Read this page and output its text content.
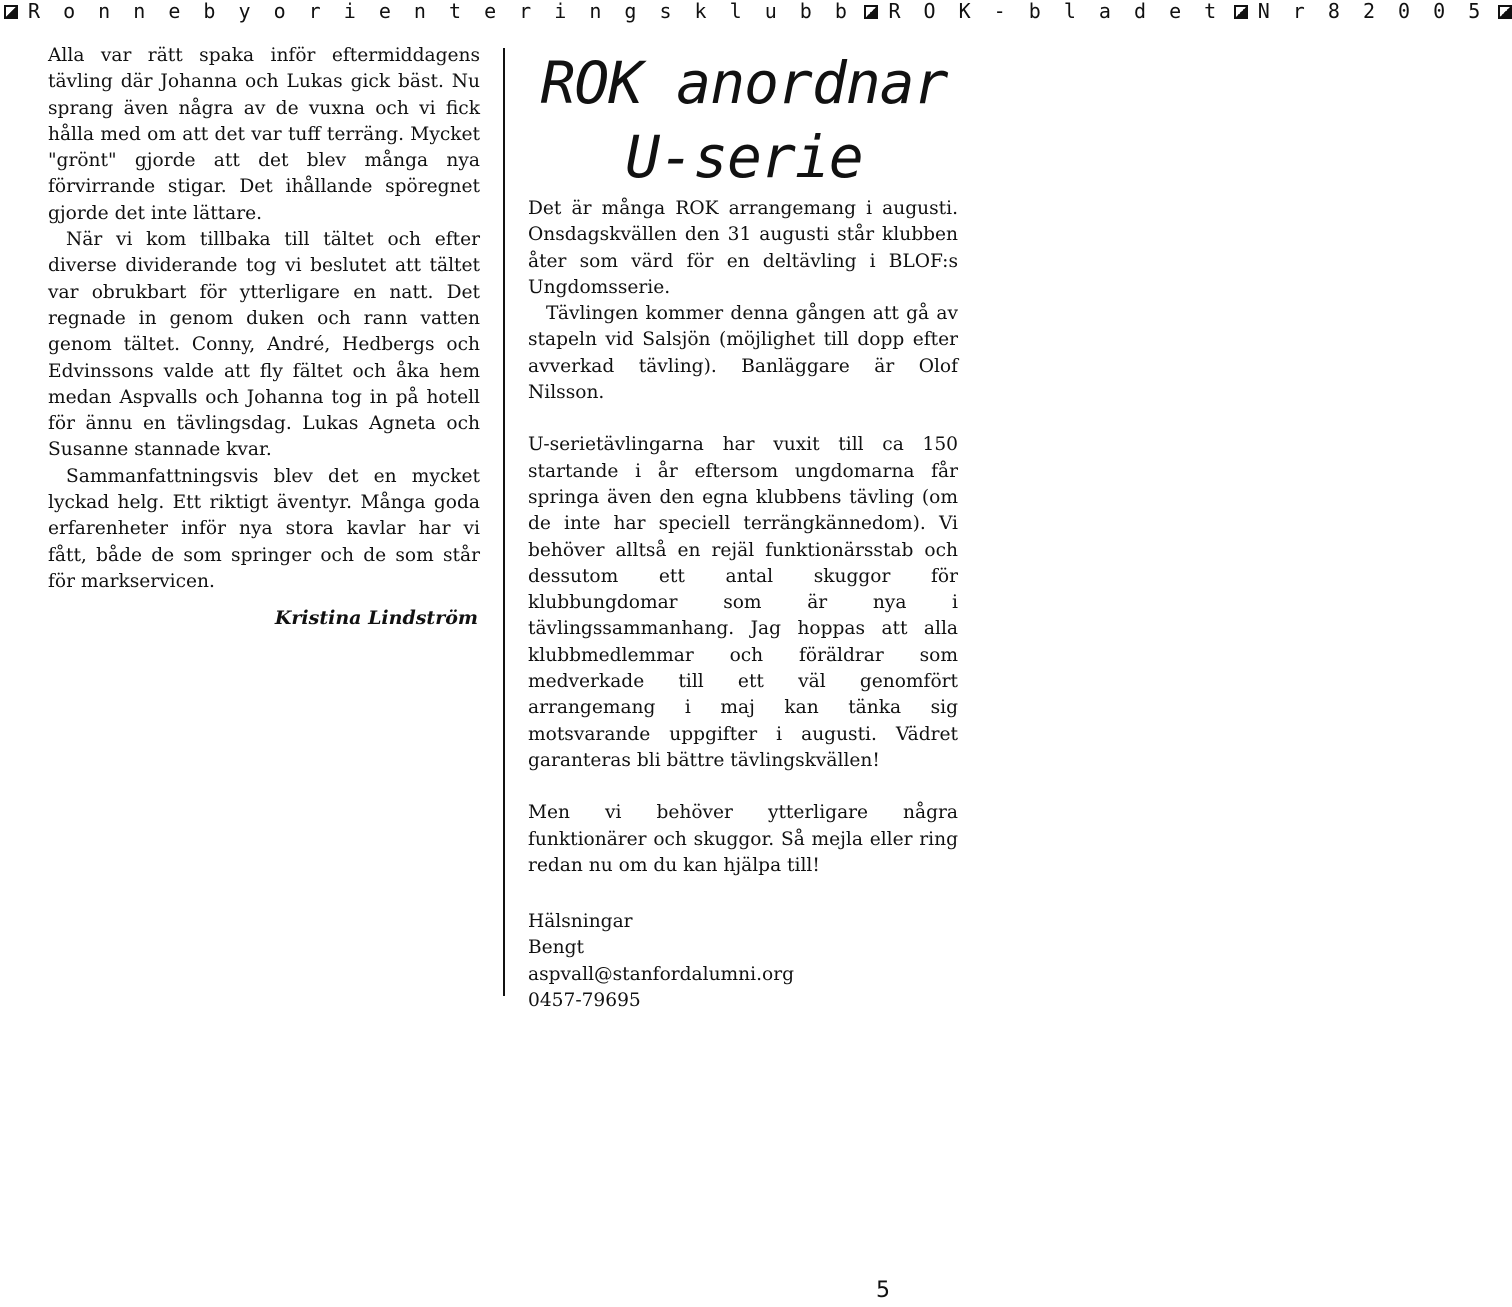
R o n n e b y o r i e n t e r i n g s k l u b b	R O K - b l a d e t	N r 8 2 0 0 5

Alla var rätt spaka inför eftermiddagens tävling där Johanna och Lukas gick bäst. Nu sprang även några av de vuxna och vi fick hålla med om att det var tuff terräng. Mycket "grönt" gjorde att det blev många nya förvirrande stigar. Det ihållande spöregnet gjorde det inte lättare.

När vi kom tillbaka till tältet och efter diverse dividerande tog vi beslutet att tältet var obrukbart för ytterligare en natt. Det regnade in genom duken och rann vatten genom tältet. Conny, André, Hedbergs och Edvinssons valde att fly fältet och åka hem medan Aspvalls och Johanna tog in på hotell för ännu en tävlingsdag. Lukas Agneta och Susanne stannade kvar.

Sammanfattningsvis blev det en mycket lyckad helg. Ett riktigt äventyr. Många goda erfarenheter inför nya stora kavlar har vi fått, både de som springer och de som står för markservicen.

Kristina Lindström
ROK anordnar
U-serie

Det är många ROK arrangemang i augusti. Onsdagskvällen den 31 augusti står klubben åter som värd för en deltävling i BLOF:s Ungdomsserie.

Tävlingen kommer denna gången att gå av stapeln vid Salsjön (möjlighet till dopp efter avverkad tävling). Banläggare är Olof Nilsson.

U-serietävlingarna har vuxit till ca 150 startande i år eftersom ungdomarna får springa även den egna klubbens tävling (om de inte har speciell terrängkännedom). Vi behöver alltså en rejäl funktionärsstab och dessutom ett antal skuggor för klubbungdomar som är nya i tävlingssammanhang. Jag hoppas att alla klubbmedlemmar och föräldrar som medverkade till ett väl genomfört arrangemang i maj kan tänka sig motsvarande uppgifter i augusti. Vädret garanteras bli bättre tävlingskvällen!

Men vi behöver ytterligare några funktionärer och skuggor. Så mejla eller ring redan nu om du kan hjälpa till!

Hälsningar
Bengt
aspvall@stanfordalumni.org
0457-79695
5
